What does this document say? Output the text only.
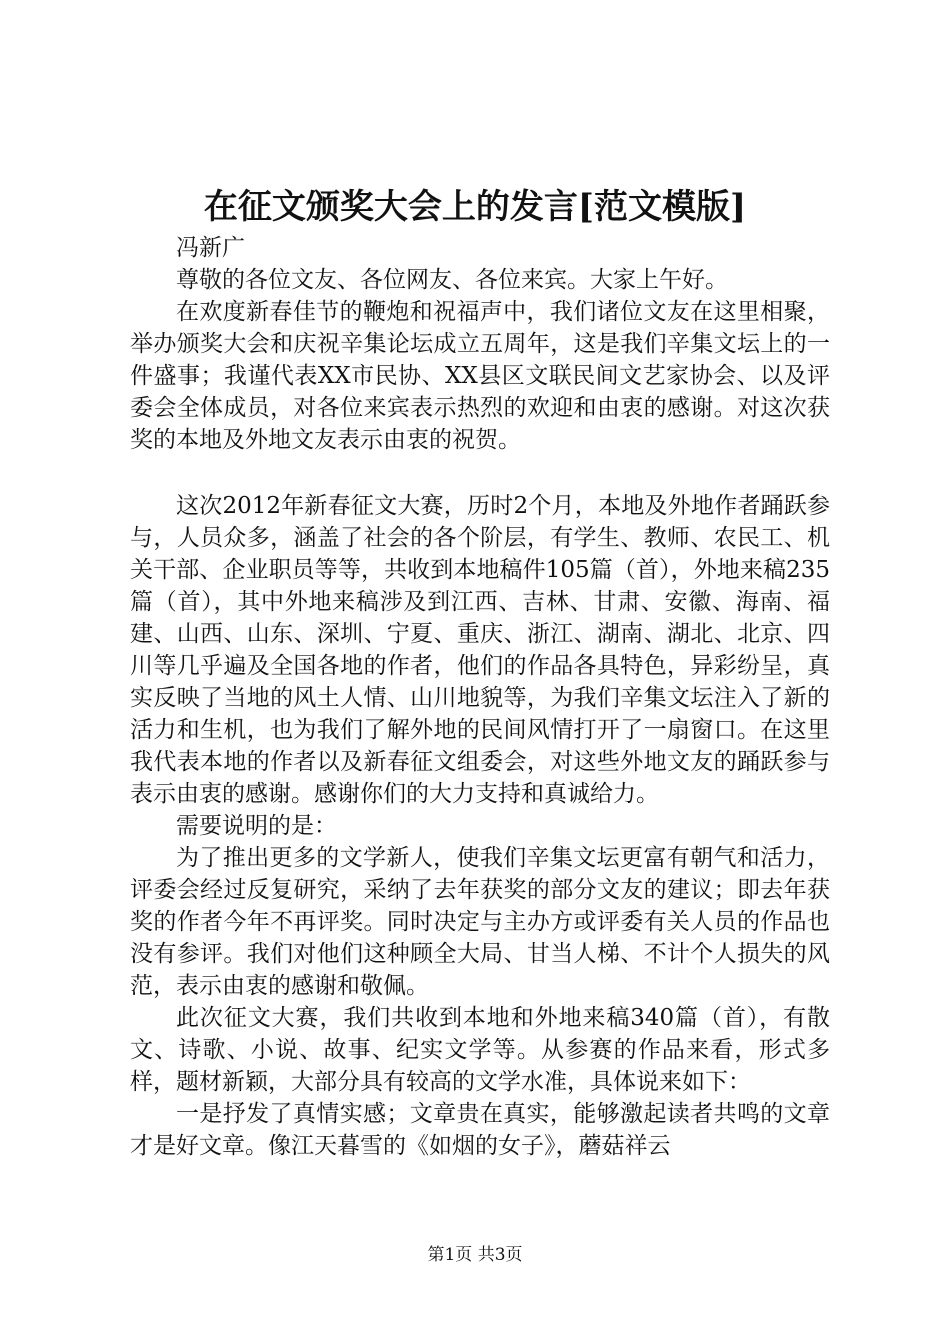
在征文颁奖大会上的发言[范文模版]

冯新广

尊敬的各位文友、各位网友、各位来宾。大家上午好。

在欢度新春佳节的鞭炮和祝福声中，我们诸位文友在这里相聚，举办颁奖大会和庆祝辛集论坛成立五周年，这是我们辛集文坛上的一件盛事；我谨代表XX市民协、XX县区文联民间文艺家协会、以及评委会全体成员，对各位来宾表示热烈的欢迎和由衷的感谢。对这次获奖的本地及外地文友表示由衷的祝贺。

这次2012年新春征文大赛，历时2个月，本地及外地作者踊跃参与，人员众多，涵盖了社会的各个阶层，有学生、教师、农民工、机关干部、企业职员等等，共收到本地稿件105篇（首），外地来稿235篇（首），其中外地来稿涉及到江西、吉林、甘肃、安徽、海南、福建、山西、山东、深圳、宁夏、重庆、浙江、湖南、湖北、北京、四川等几乎遍及全国各地的作者，他们的作品各具特色，异彩纷呈，真实反映了当地的风土人情、山川地貌等，为我们辛集文坛注入了新的活力和生机，也为我们了解外地的民间风情打开了一扇窗口。在这里我代表本地的作者以及新春征文组委会，对这些外地文友的踊跃参与表示由衷的感谢。感谢你们的大力支持和真诚给力。

需要说明的是：

为了推出更多的文学新人，使我们辛集文坛更富有朝气和活力，评委会经过反复研究，采纳了去年获奖的部分文友的建议；即去年获奖的作者今年不再评奖。同时决定与主办方或评委有关人员的作品也没有参评。我们对他们这种顾全大局、甘当人梯、不计个人损失的风范，表示由衷的感谢和敬佩。

此次征文大赛，我们共收到本地和外地来稿340篇（首），有散文、诗歌、小说、故事、纪实文学等。从参赛的作品来看，形式多样，题材新颖，大部分具有较高的文学水准，具体说来如下：

一是抒发了真情实感；文章贵在真实，能够激起读者共鸣的文章才是好文章。像江天暮雪的《如烟的女子》，蘑菇祥云

第1页 共3页
